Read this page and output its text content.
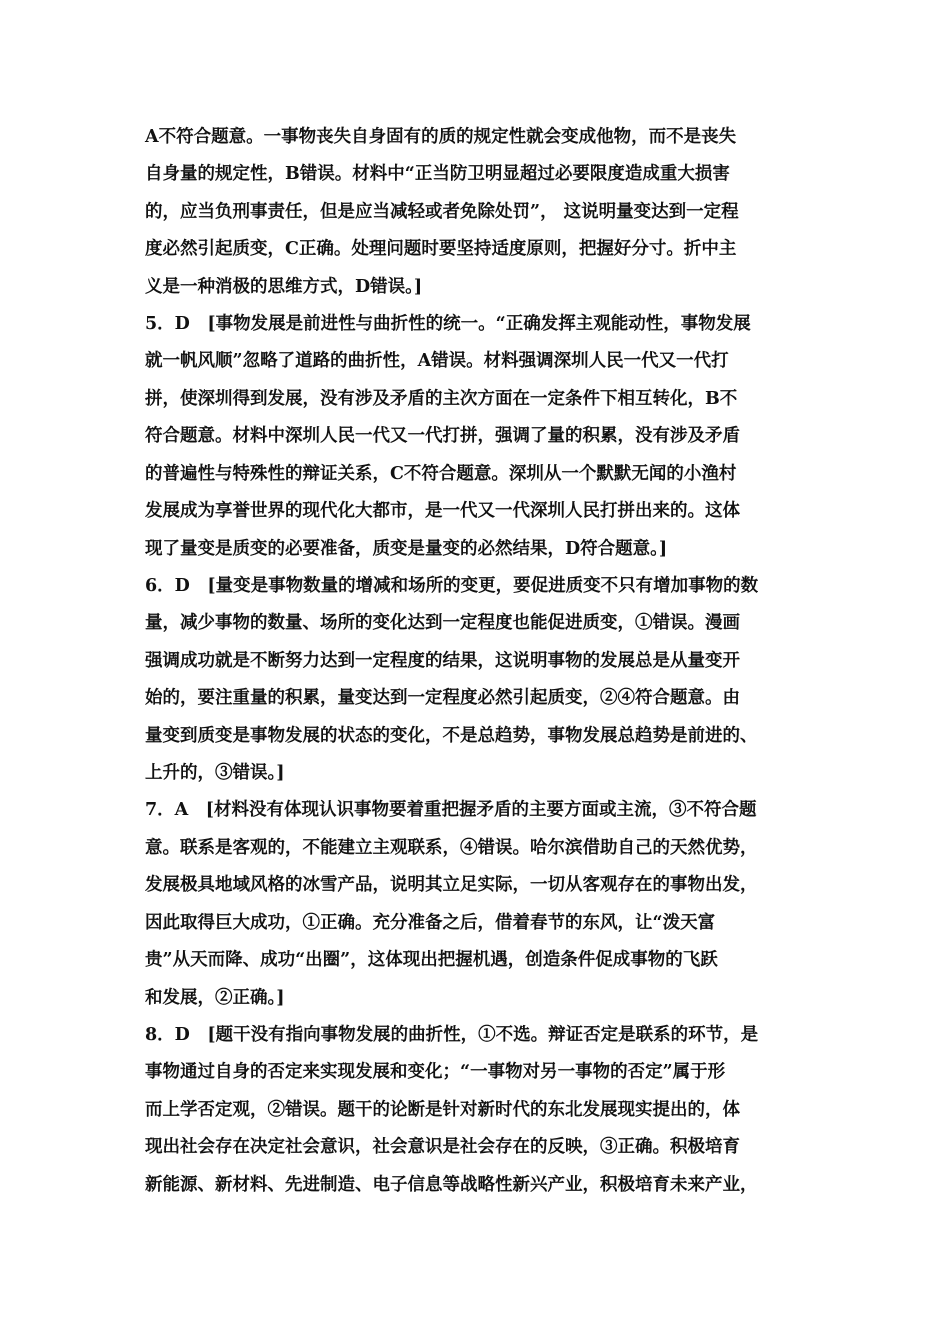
A不符合题意。一事物丧失自身固有的质的规定性就会变成他物，而不是丧失
自身量的规定性，B错误。材料中“正当防卫明显超过必要限度造成重大损害
的，应当负刑事责任，但是应当减轻或者免除处罚”， 这说明量变达到一定程
度必然引起质变，C正确。处理问题时要坚持适度原则，把握好分寸。折中主
义是一种消极的思维方式，D错误。]
5．D　[事物发展是前进性与曲折性的统一。“正确发挥主观能动性，事物发展
就一帆风顺”忽略了道路的曲折性，A错误。材料强调深圳人民一代又一代打
拼，使深圳得到发展，没有涉及矛盾的主次方面在一定条件下相互转化，B不
符合题意。材料中深圳人民一代又一代打拼，强调了量的积累，没有涉及矛盾
的普遍性与特殊性的辩证关系，C不符合题意。深圳从一个默默无闻的小渔村
发展成为享誉世界的现代化大都市，是一代又一代深圳人民打拼出来的。这体
现了量变是质变的必要准备，质变是量变的必然结果，D符合题意。]
6．D　[量变是事物数量的增减和场所的变更，要促进质变不只有增加事物的数
量，减少事物的数量、场所的变化达到一定程度也能促进质变，①错误。漫画
强调成功就是不断努力达到一定程度的结果，这说明事物的发展总是从量变开
始的，要注重量的积累，量变达到一定程度必然引起质变，②④符合题意。由
量变到质变是事物发展的状态的变化，不是总趋势，事物发展总趋势是前进的、
上升的，③错误。]
7．A　[材料没有体现认识事物要着重把握矛盾的主要方面或主流，③不符合题
意。联系是客观的，不能建立主观联系，④错误。哈尔滨借助自己的天然优势，
发展极具地域风格的冰雪产品，说明其立足实际，一切从客观存在的事物出发，
因此取得巨大成功，①正确。充分准备之后，借着春节的东风，让“泼天富
贵”从天而降、成功“出圈”，这体现出把握机遇，创造条件促成事物的飞跃
和发展，②正确。]
8．D　[题干没有指向事物发展的曲折性，①不选。辩证否定是联系的环节，是
事物通过自身的否定来实现发展和变化；“一事物对另一事物的否定”属于形
而上学否定观，②错误。题干的论断是针对新时代的东北发展现实提出的，体
现出社会存在决定社会意识，社会意识是社会存在的反映，③正确。积极培育
新能源、新材料、先进制造、电子信息等战略性新兴产业，积极培育未来产业，
